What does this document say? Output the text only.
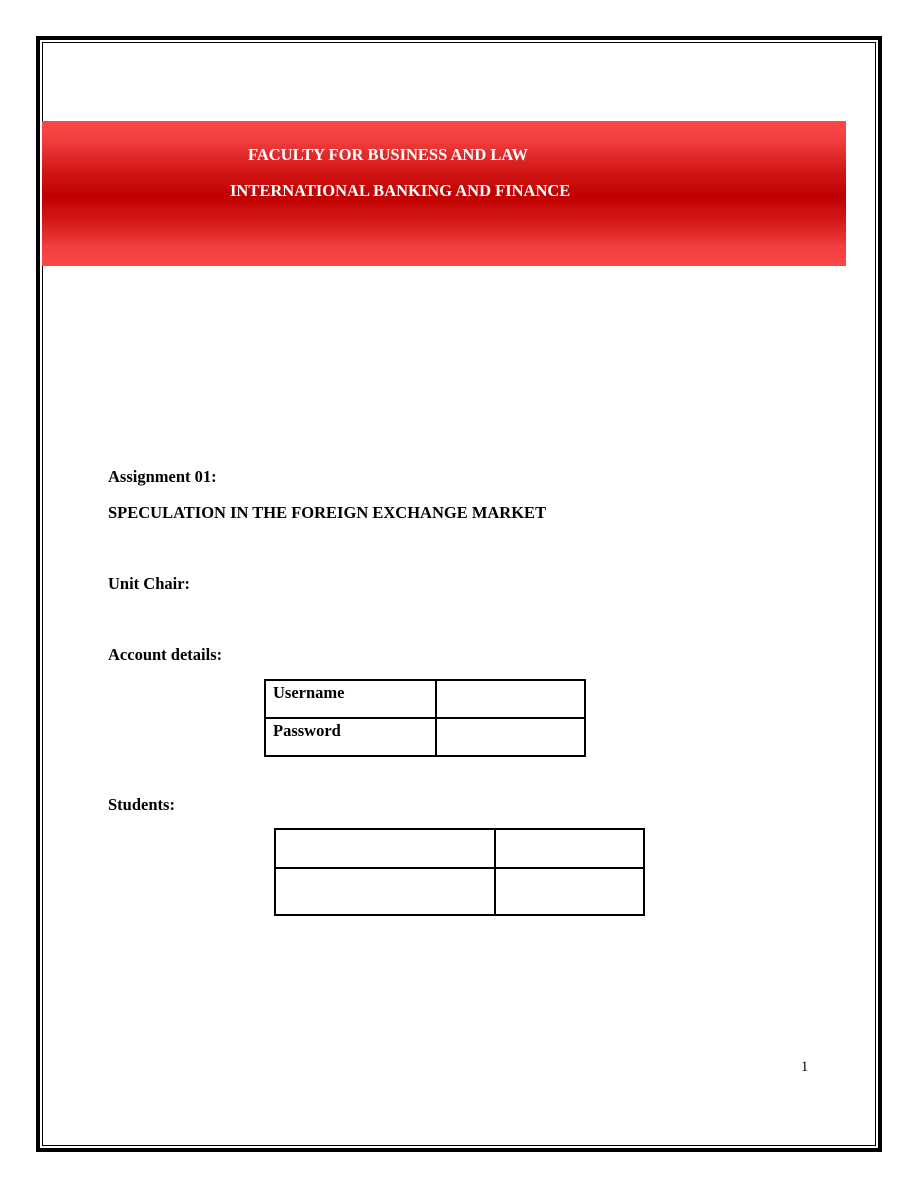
FACULTY FOR BUSINESS AND LAW
INTERNATIONAL BANKING AND FINANCE
Assignment 01:
SPECULATION IN THE FOREIGN EXCHANGE MARKET
Unit Chair:
Account details:
Username	
Password	
Students:

1
